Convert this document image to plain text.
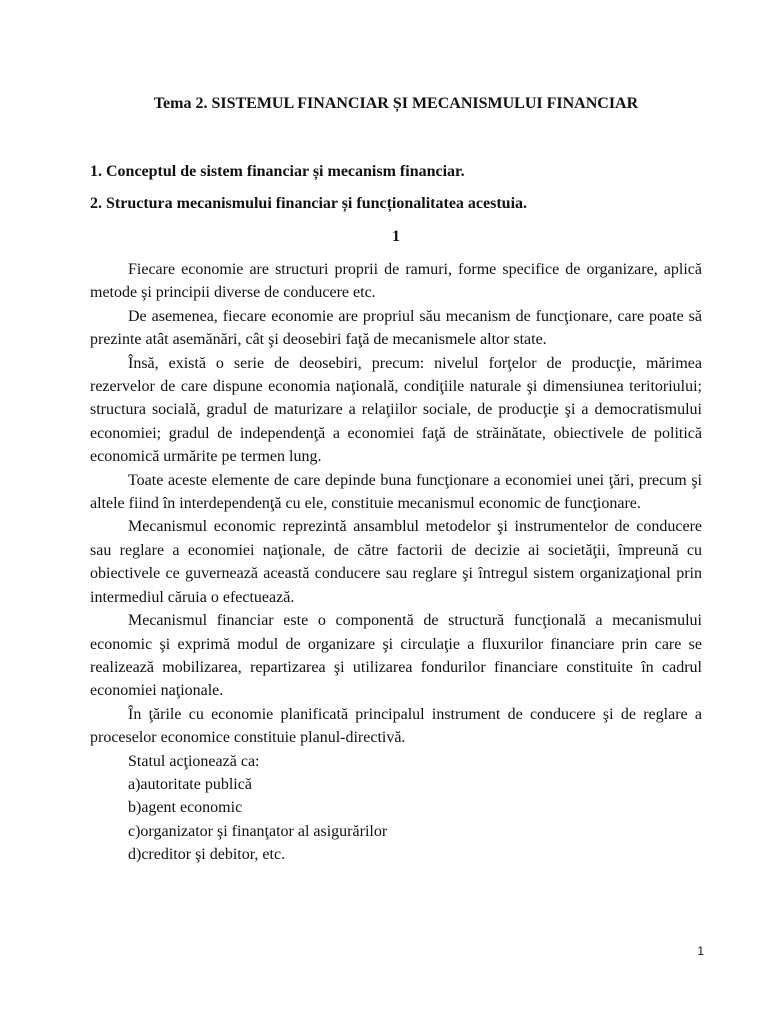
Tema 2. SISTEMUL FINANCIAR ȘI MECANISMULUI FINANCIAR
1. Conceptul de sistem financiar și mecanism financiar.
2. Structura mecanismului financiar și funcționalitatea acestuia.
1

Fiecare economie are structuri proprii de ramuri, forme specifice de organizare, aplică metode şi principii diverse de conducere etc.

De asemenea, fiecare economie are propriul său mecanism de funcţionare, care poate să prezinte atât asemănări, cât şi deosebiri faţă de mecanismele altor state.

Însă, există o serie de deosebiri, precum: nivelul forţelor de producţie, mărimea rezervelor de care dispune economia naţională, condiţiile naturale şi dimensiunea teritoriului; structura socială, gradul de maturizare a relaţiilor sociale, de producţie şi a democratismului economiei; gradul de independenţă a economiei faţă de străinătate, obiectivele de politică economică urmărite pe termen lung.

Toate aceste elemente de care depinde buna funcţionare a economiei unei ţări, precum şi altele fiind în interdependenţă cu ele, constituie mecanismul economic de funcţionare.

Mecanismul economic reprezintă ansamblul metodelor şi instrumentelor de conducere sau reglare a economiei naţionale, de către factorii de decizie ai societăţii, împreună cu obiectivele ce guvernează această conducere sau reglare şi întregul sistem organizaţional prin intermediul căruia o efectuează.

Mecanismul financiar este o componentă de structură funcţională a mecanismului economic şi exprimă modul de organizare şi circulaţie a fluxurilor financiare prin care se realizează mobilizarea, repartizarea şi utilizarea fondurilor financiare constituite în cadrul economiei naţionale.

În ţările cu economie planificată principalul instrument de conducere şi de reglare a proceselor economice constituie planul-directivă.

Statul acţionează ca:

a)autoritate publică

b)agent economic

c)organizator şi finanţator al asigurărilor

d)creditor şi debitor, etc.

1
